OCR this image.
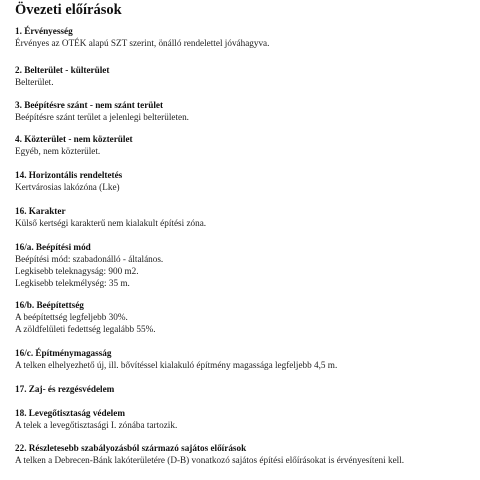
Övezeti előírások
1. Érvényesség
Érvényes az OTÉK alapú SZT szerint, önálló rendelettel jóváhagyva.
2. Belterület - külterület
Belterület.
3. Beépítésre szánt - nem szánt terület
Beépítésre szánt terület a jelenlegi belterületen.
4. Közterület - nem közterület
Egyéb, nem közterület.
14. Horizontális rendeltetés
Kertvárosias lakózóna (Lke)
16. Karakter
Külső kertségi karakterű nem kialakult építési zóna.
16/a. Beépítési mód
Beépítési mód: szabadonálló - általános.
Legkisebb teleknagyság: 900 m2.
Legkisebb telekmélység: 35 m.
16/b. Beépítettség
A beépítettség legfeljebb 30%.
A zöldfelületi fedettség legalább 55%.
16/c. Építménymagasság
A telken elhelyezhető új, ill. bővítéssel kialakuló építmény magassága legfeljebb 4,5 m.
17. Zaj- és rezgésvédelem
18. Levegőtisztaság védelem
A telek a levegőtisztasági I. zónába tartozik.
22. Részletesebb szabályozásból származó sajátos előírások
A telken a Debrecen-Bánk lakóterületére (D-B) vonatkozó sajátos építési előírásokat is érvényesíteni kell.
